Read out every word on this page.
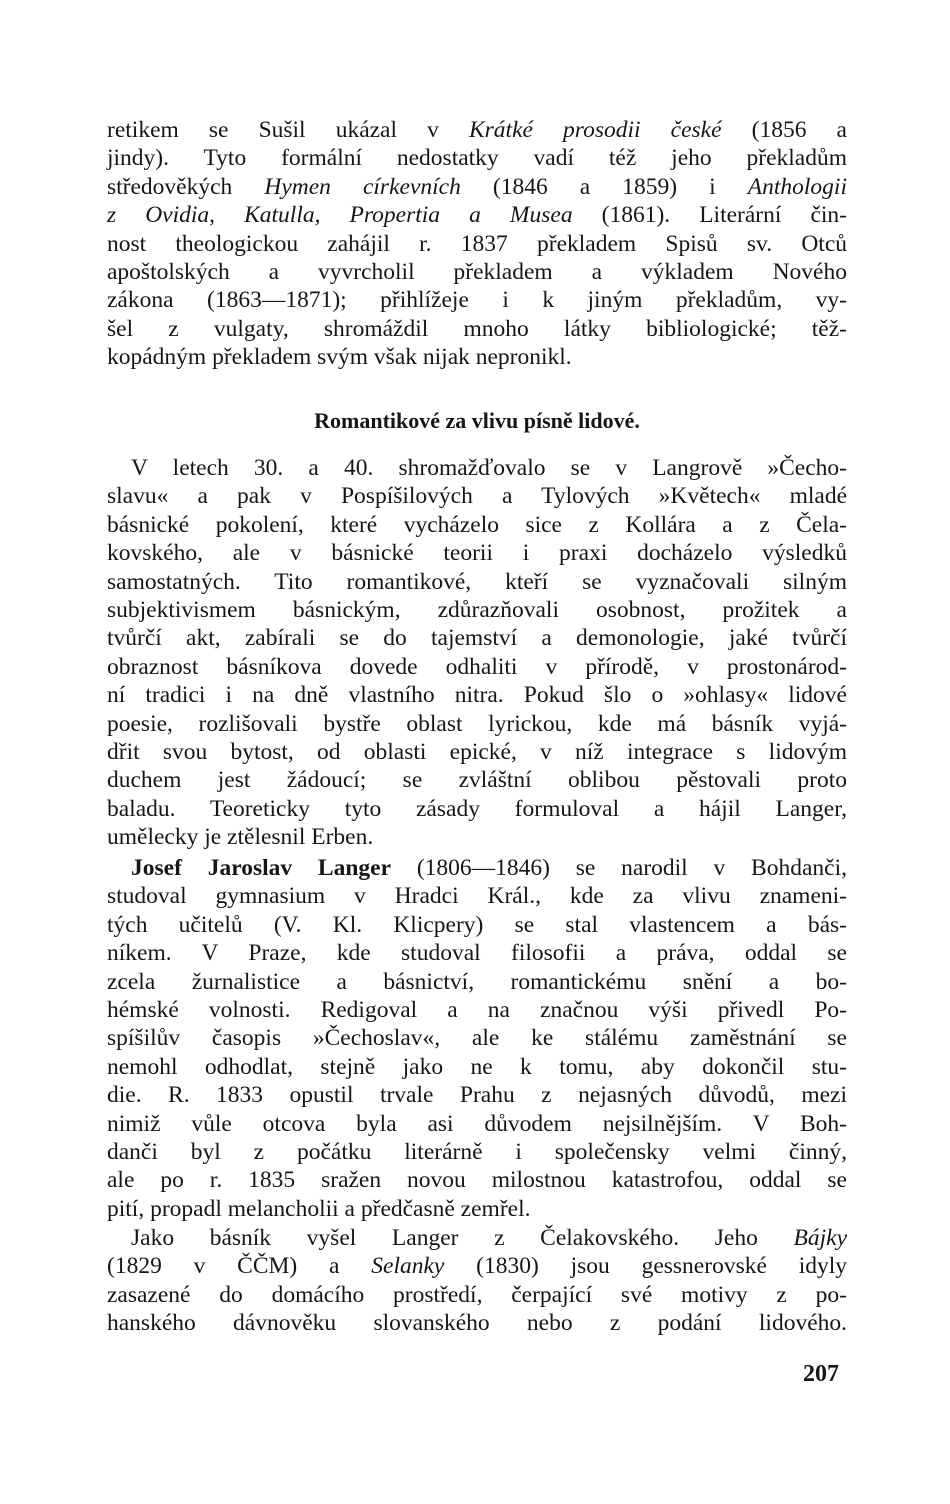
retikem se Sušil ukázal v Krátké prosodii české (1856 a
jindy). Tyto formální nedostatky vadí též jeho překladům
středověkých Hymen církevních (1846 a 1859) i Anthologii
z Ovidia, Katulla, Propertia a Musea (1861). Literární čin-
nost theologickou zahájil r. 1837 překladem Spisů sv. Otců
apoštolských a vyvrcholil překladem a výkladem Nového
zákona (1863—1871); přihlížeje i k jiným překladům, vy-
šel z vulgaty, shromáždil mnoho látky bibliologické; těž-
kopádným překladem svým však nijak nepronikl.
Romantikové za vlivu písně lidové.
V letech 30. a 40. shromažďovalo se v Langrově »Čecho-
slavu« a pak v Pospíšilových a Tylových »Květech« mladé
básnické pokolení, které vycházelo sice z Kollára a z Čela-
kovského, ale v básnické teorii i praxi docházelo výsledků
samostatných. Tito romantikové, kteří se vyznačovali silným
subjektivismem básnickým, zdůrazňovali osobnost, prožitek a
tvůrčí akt, zabírali se do tajemství a demonologie, jaké tvůrčí
obraznost básníkova dovede odhaliti v přírodě, v prostonárod-
ní tradici i na dně vlastního nitra. Pokud šlo o »ohlasy« lidové
poesie, rozlišovali bystře oblast lyrickou, kde má básník vyjá-
dřit svou bytost, od oblasti epické, v níž integrace s lidovým
duchem jest žádoucí; se zvláštní oblibou pěstovali proto
baladu. Teoreticky tyto zásady formuloval a hájil Langer,
umělecky je ztělesnil Erben.
Josef Jaroslav Langer (1806—1846) se narodil v Bohdanči,
studoval gymnasium v Hradci Král., kde za vlivu znameni-
tých učitelů (V. Kl. Klicpery) se stal vlastencem a bás-
níkem. V Praze, kde studoval filosofii a práva, oddal se
zcela žurnalistice a básnictví, romantickému snění a bo-
hémské volnosti. Redigoval a na značnou výši přivedl Po-
spíšilův časopis »Čechoslav«, ale ke stálému zaměstnání se
nemohl odhodlat, stejně jako ne k tomu, aby dokončil stu-
die. R. 1833 opustil trvale Prahu z nejasných důvodů, mezi
nimiž vůle otcova byla asi důvodem nejsilnějším. V Boh-
danči byl z počátku literárně i společensky velmi činný,
ale po r. 1835 sražen novou milostnou katastrofou, oddal se
pití, propadl melancholii a předčasně zemřel.
Jako básník vyšel Langer z Čelakovského. Jeho Bájky
(1829 v ČČM) a Selanky (1830) jsou gessnerovské idyly
zasazené do domácího prostředí, čerpající své motivy z po-
hanského dávnověku slovanského nebo z podání lidového.
207
